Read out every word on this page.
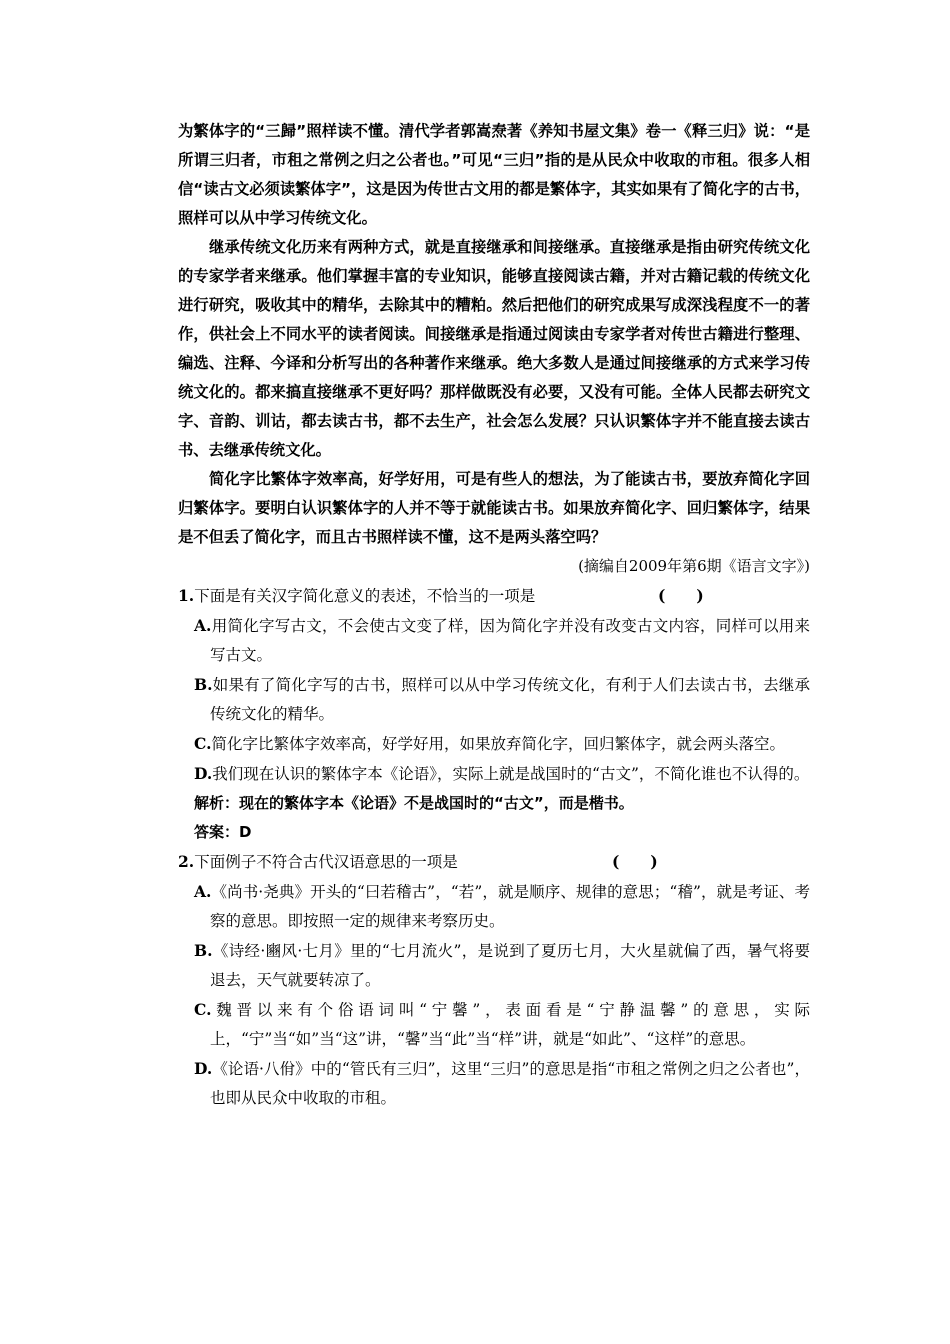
为繁体字的“三歸”照样读不懂。清代学者郭嵩焘著《养知书屋文集》卷一《释三归》说：“是所谓三归者，市租之常例之归之公者也。”可见“三归”指的是从民众中收取的市租。很多人相信“读古文必须读繁体字”，这是因为传世古文用的都是繁体字，其实如果有了简化字的古书，照样可以从中学习传统文化。

继承传统文化历来有两种方式，就是直接继承和间接继承。直接继承是指由研究传统文化的专家学者来继承。他们掌握丰富的专业知识，能够直接阅读古籍，并对古籍记载的传统文化进行研究，吸收其中的精华，去除其中的糟粕。然后把他们的研究成果写成深浅程度不一的著作，供社会上不同水平的读者阅读。间接继承是指通过阅读由专家学者对传世古籍进行整理、编选、注释、今译和分析写出的各种著作来继承。绝大多数人是通过间接继承的方式来学习传统文化的。都来搞直接继承不更好吗？那样做既没有必要，又没有可能。全体人民都去研究文字、音韵、训诂，都去读古书，都不去生产，社会怎么发展？只认识繁体字并不能直接去读古书、去继承传统文化。

简化字比繁体字效率高，好学好用，可是有些人的想法，为了能读古书，要放弃简化字回归繁体字。要明白认识繁体字的人并不等于就能读古书。如果放弃简化字、回归繁体字，结果是不但丢了简化字，而且古书照样读不懂，这不是两头落空吗？

(摘编自2009年第6期《语言文字》)

1.下面是有关汉字简化意义的表述，不恰当的一项是	(　　)

A.用简化字写古文，不会使古文变了样，因为简化字并没有改变古文内容，同样可以用来写古文。

B.如果有了简化字写的古书，照样可以从中学习传统文化，有利于人们去读古书，去继承传统文化的精华。

C.简化字比繁体字效率高，好学好用，如果放弃简化字，回归繁体字，就会两头落空。

D.我们现在认识的繁体字本《论语》，实际上就是战国时的“古文”，不简化谁也不认得的。

解析：现在的繁体字本《论语》不是战国时的“古文”，而是楷书。

答案：D

2.下面例子不符合古代汉语意思的一项是	(　　)

A.《尚书·尧典》开头的“曰若稽古”，“若”，就是顺序、规律的意思；“稽”，就是考证、考察的意思。即按照一定的规律来考察历史。

B.《诗经·豳风·七月》里的“七月流火”，是说到了夏历七月，大火星就偏了西，暑气将要退去，天气就要转凉了。

C.魏晋以来有个俗语词叫“宁馨”，表面看是“宁静温馨”的意思，实际上，“宁”当“如”当“这”讲，“馨”当“此”当“样”讲，就是“如此”、“这样”的意思。

D.《论语·八佾》中的“管氏有三归”，这里“三归”的意思是指“市租之常例之归之公者也”，也即从民众中收取的市租。
